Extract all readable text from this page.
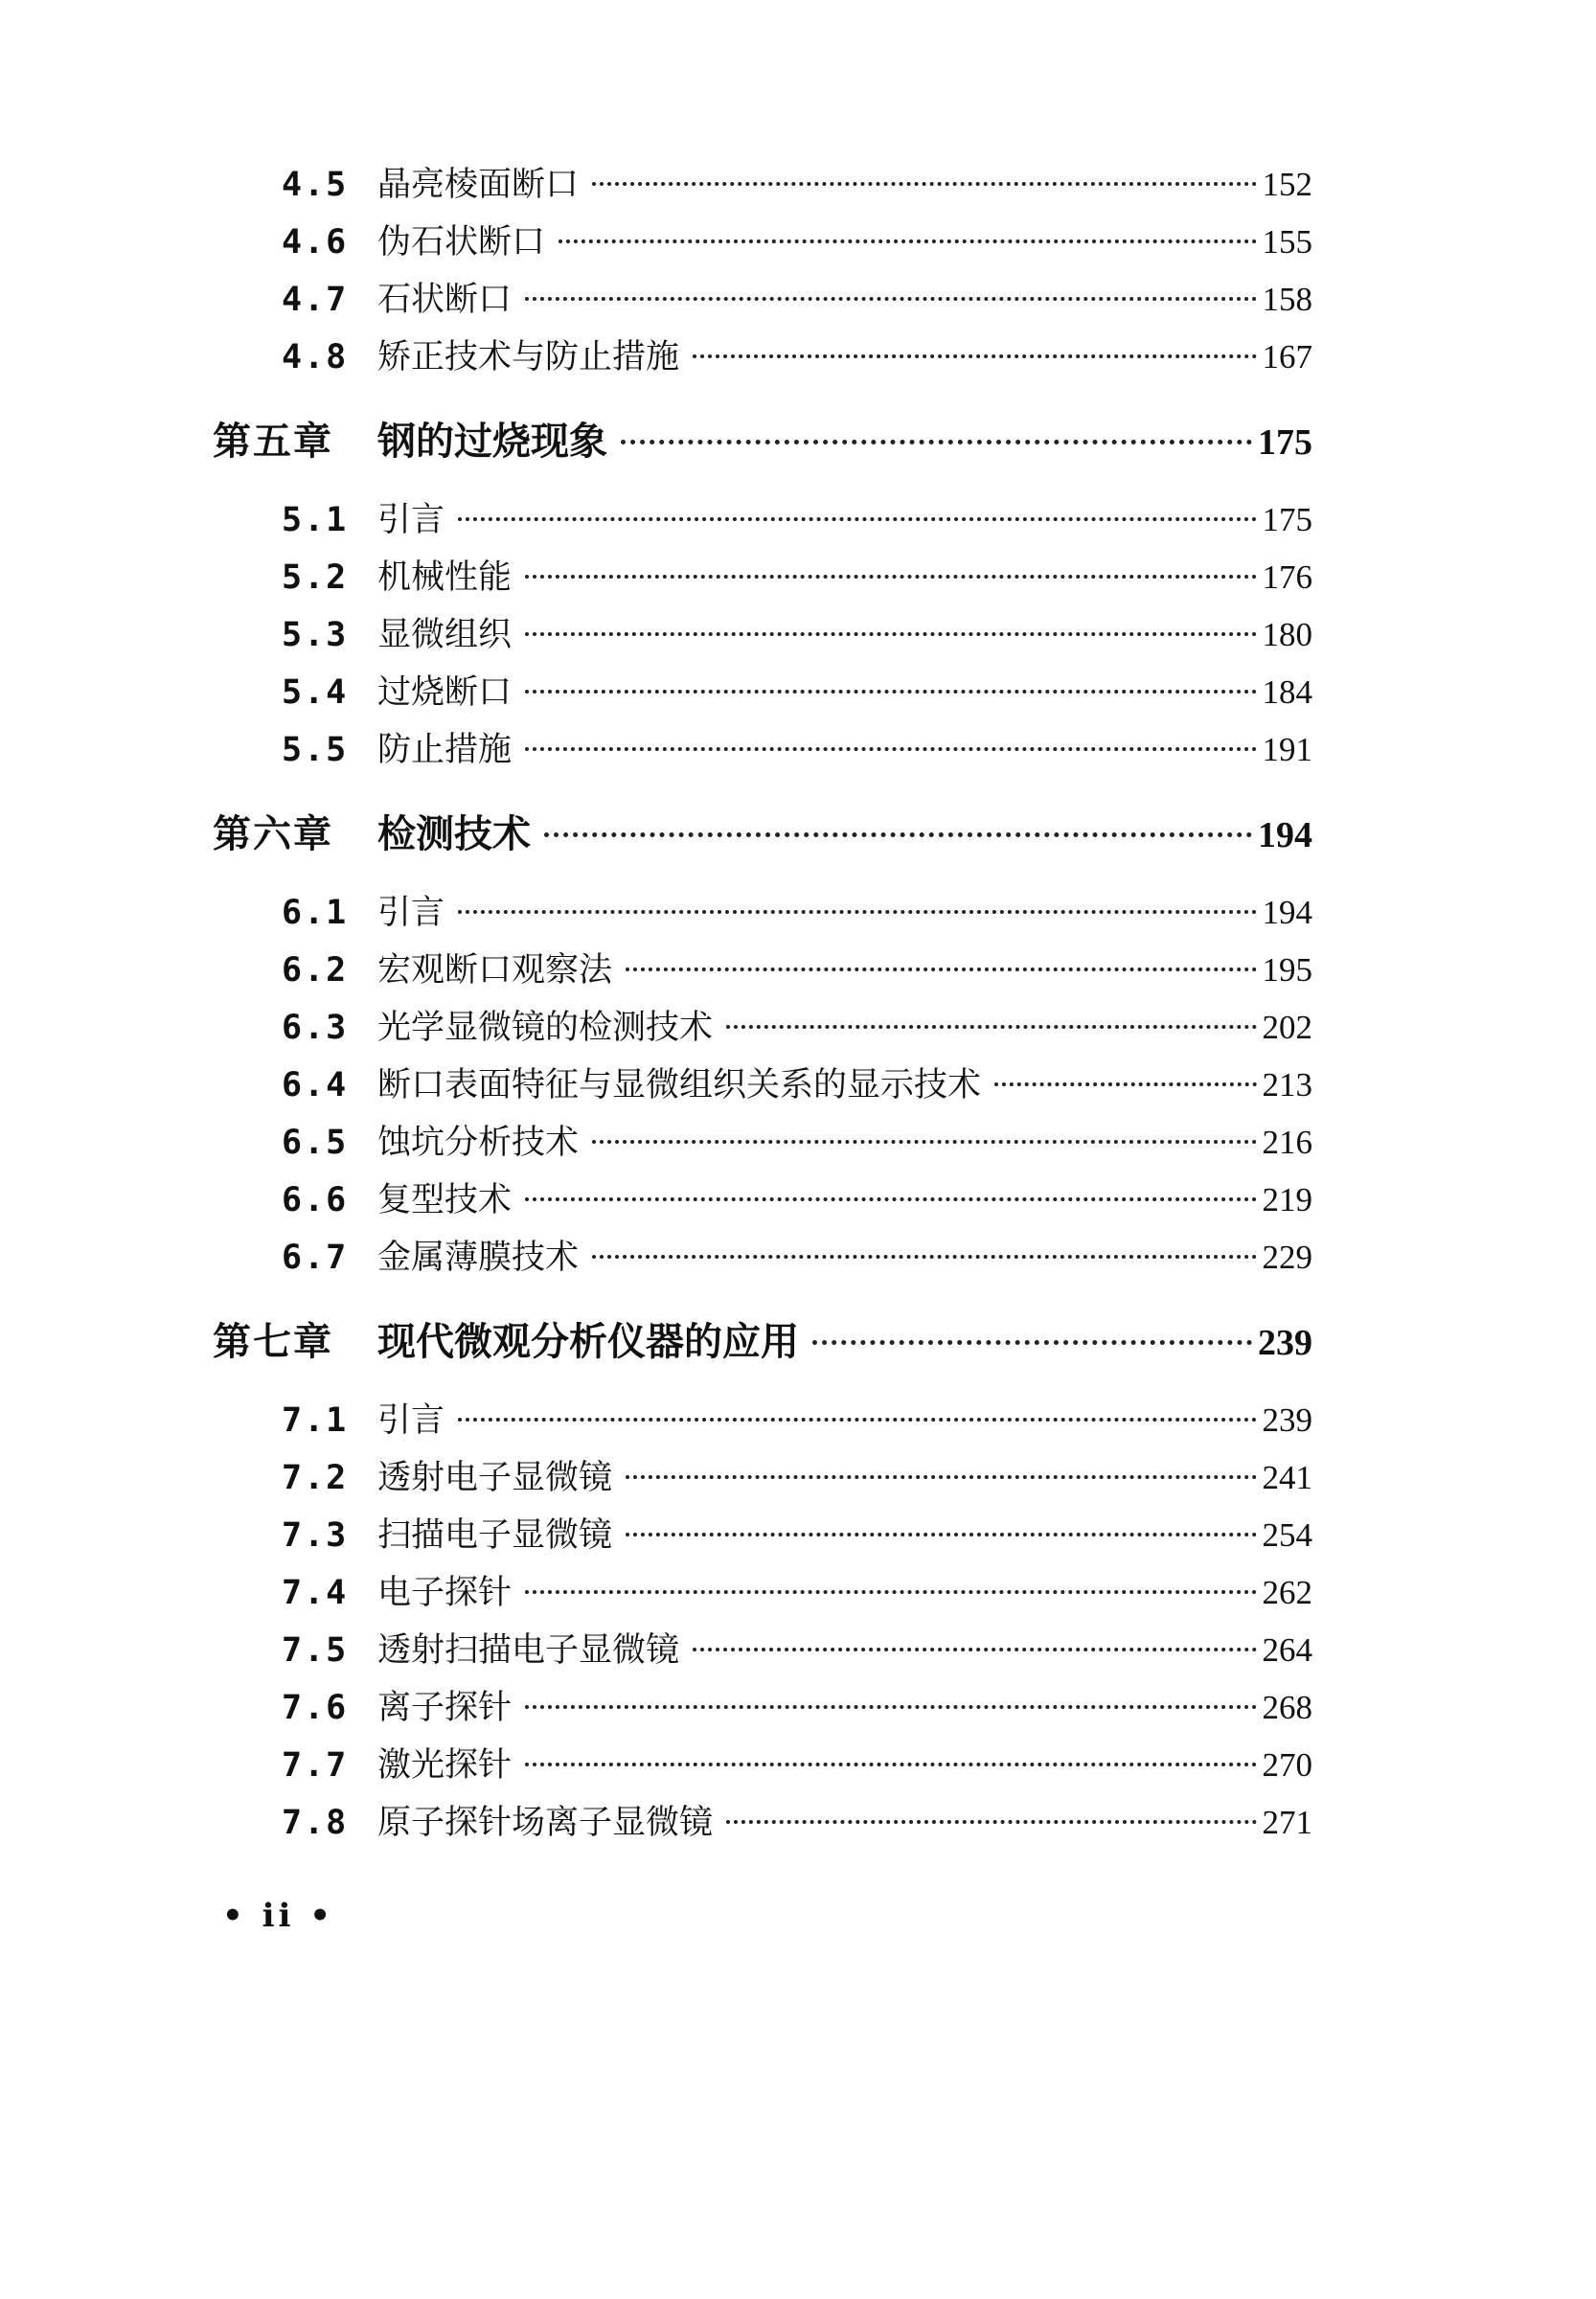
4.5 晶亮棱面断口	152
4.6 伪石状断口	155
4.7 石状断口	158
4.8 矫正技术与防止措施	167
第五章	钢的过烧现象	175
5.1 引言	175
5.2 机械性能	176
5.3 显微组织	180
5.4 过烧断口	184
5.5 防止措施	191
第六章	检测技术	194
6.1 引言	194
6.2 宏观断口观察法	195
6.3 光学显微镜的检测技术	202
6.4 断口表面特征与显微组织关系的显示技术	213
6.5 蚀坑分析技术	216
6.6 复型技术	219
6.7 金属薄膜技术	229
第七章	现代微观分析仪器的应用	239
7.1 引言	239
7.2 透射电子显微镜	241
7.3 扫描电子显微镜	254
7.4 电子探针	262
7.5 透射扫描电子显微镜	264
7.6 离子探针	268
7.7 激光探针	270
7.8 原子探针场离子显微镜	271
• ii •
